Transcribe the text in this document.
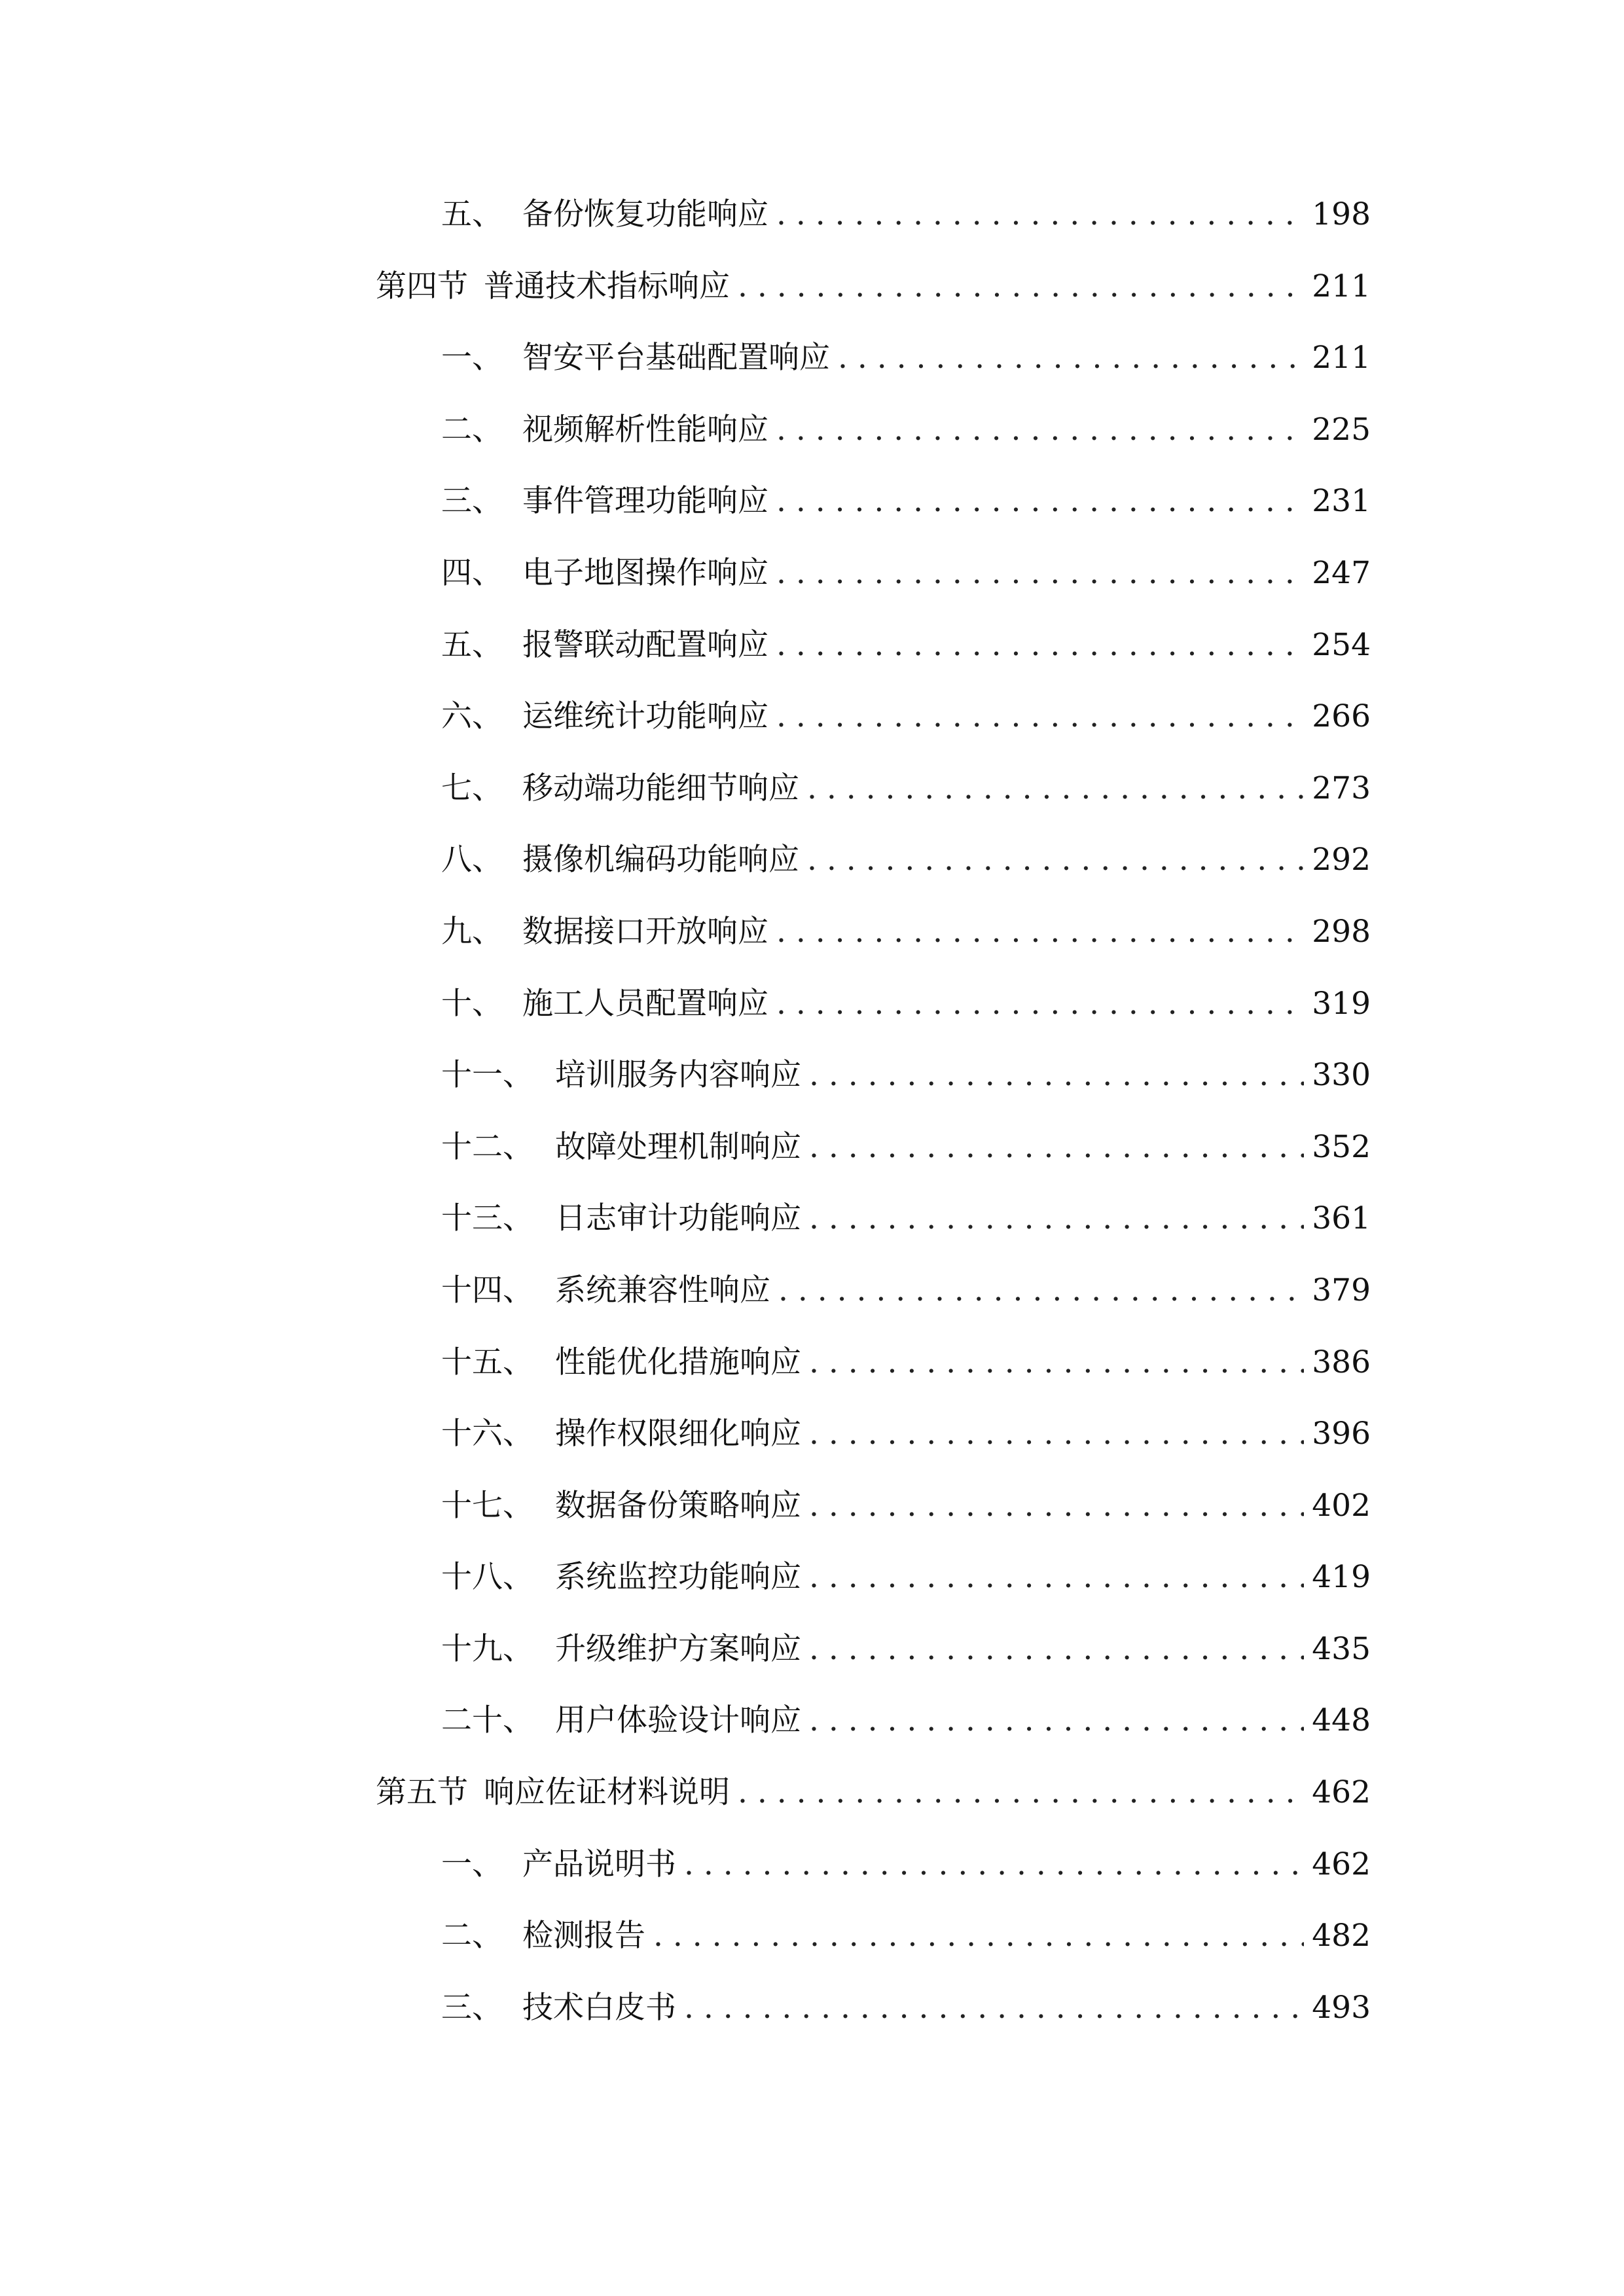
五、 备份恢复功能响应 . . .	198
第四节 普通技术指标响应 . . .	211
一、 智安平台基础配置响应 . . .	211
二、 视频解析性能响应 . . .	225
三、 事件管理功能响应 . . .	231
四、 电子地图操作响应 . . .	247
五、 报警联动配置响应 . . .	254
六、 运维统计功能响应 . . .	266
七、 移动端功能细节响应 . . .	273
八、 摄像机编码功能响应 . . .	292
九、 数据接口开放响应 . . .	298
十、 施工人员配置响应 . . .	319
十一、 培训服务内容响应 . . .	330
十二、 故障处理机制响应 . . .	352
十三、 日志审计功能响应 . . .	361
十四、 系统兼容性响应 . . .	379
十五、 性能优化措施响应 . . .	386
十六、 操作权限细化响应 . . .	396
十七、 数据备份策略响应 . . .	402
十八、 系统监控功能响应 . . .	419
十九、 升级维护方案响应 . . .	435
二十、 用户体验设计响应 . . .	448
第五节 响应佐证材料说明 . . .	462
一、 产品说明书 . . .	462
二、 检测报告 . . .	482
三、 技术白皮书 . . .	493
